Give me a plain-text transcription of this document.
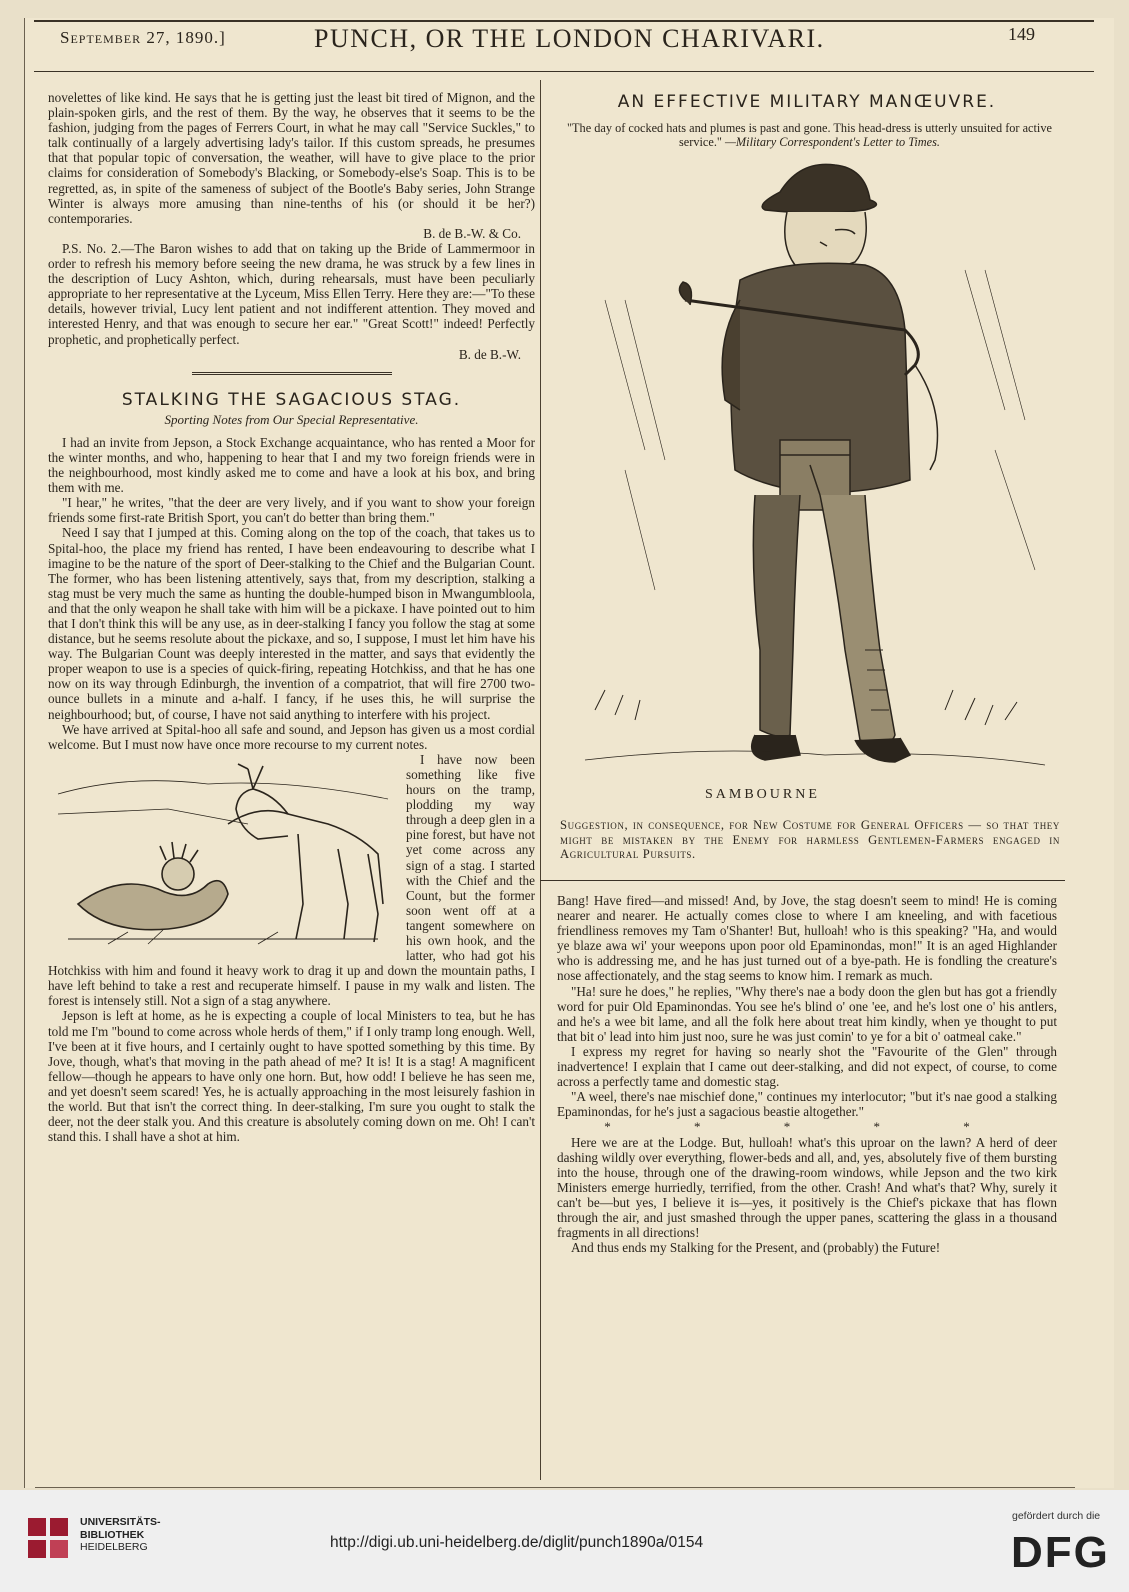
September 27, 1890.]	PUNCH, OR THE LONDON CHARIVARI.	149

novelettes of like kind. He says that he is getting just the least bit tired of Mignon, and the plain-spoken girls, and the rest of them. By the way, he observes that it seems to be the fashion, judging from the pages of Ferrers Court, in what he may call "Service Suckles," to talk continually of a largely advertising lady's tailor. If this custom spreads, he presumes that that popular topic of conversation, the weather, will have to give place to the prior claims for consideration of Somebody's Blacking, or Somebody-else's Soap. This is to be regretted, as, in spite of the sameness of subject of the Bootle's Baby series, John Strange Winter is always more amusing than nine-tenths of his (or should it be her?) contemporaries.

B. de B.-W. & Co.

P.S. No. 2.—The Baron wishes to add that on taking up the Bride of Lammermoor in order to refresh his memory before seeing the new drama, he was struck by a few lines in the description of Lucy Ashton, which, during rehearsals, must have been peculiarly appropriate to her representative at the Lyceum, Miss Ellen Terry. Here they are:—"To these details, however trivial, Lucy lent patient and not indifferent attention. They moved and interested Henry, and that was enough to secure her ear." "Great Scott!" indeed! Perfectly prophetic, and prophetically perfect.

B. de B.-W.

STALKING THE SAGACIOUS STAG.
Sporting Notes from Our Special Representative.

I had an invite from Jepson, a Stock Exchange acquaintance, who has rented a Moor for the winter months, and who, happening to hear that I and my two foreign friends were in the neighbourhood, most kindly asked me to come and have a look at his box, and bring them with me.

"I hear," he writes, "that the deer are very lively, and if you want to show your foreign friends some first-rate British Sport, you can't do better than bring them."

Need I say that I jumped at this. Coming along on the top of the coach, that takes us to Spital-hoo, the place my friend has rented, I have been endeavouring to describe what I imagine to be the nature of the sport of Deer-stalking to the Chief and the Bulgarian Count. The former, who has been listening attentively, says that, from my description, stalking a stag must be very much the same as hunting the double-humped bison in Mwangumbloola, and that the only weapon he shall take with him will be a pickaxe. I have pointed out to him that I don't think this will be any use, as in deer-stalking I fancy you follow the stag at some distance, but he seems resolute about the pickaxe, and so, I suppose, I must let him have his way. The Bulgarian Count was deeply interested in the matter, and says that evidently the proper weapon to use is a species of quick-firing, repeating Hotchkiss, and that he has one now on its way through Edinburgh, the invention of a compatriot, that will fire 2700 two-ounce bullets in a minute and a-half. I fancy, if he uses this, he will surprise the neighbourhood; but, of course, I have not said anything to interfere with his project.

We have arrived at Spital-hoo all safe and sound, and Jepson has given us a most cordial welcome. But I must now have once more recourse to my current notes.

I have now been something like five hours on the tramp, plodding my way through a deep glen in a pine forest, but have not yet come across any sign of a stag. I started with the Chief and the Count, but the former soon went off at a tangent somewhere on his own hook, and the latter, who had got his Hotchkiss with him and found it heavy work to drag it up and down the mountain paths, I have left behind to take a rest and recuperate himself. I pause in my walk and listen. The forest is intensely still. Not a sign of a stag anywhere.

Jepson is left at home, as he is expecting a couple of local Ministers to tea, but he has told me I'm "bound to come across whole herds of them," if I only tramp long enough. Well, I've been at it five hours, and I certainly ought to have spotted something by this time. By Jove, though, what's that moving in the path ahead of me? It is! It is a stag! A magnificent fellow—though he appears to have only one horn. But, how odd! I believe he has seen me, and yet doesn't seem scared! Yes, he is actually approaching in the most leisurely fashion in the world. But that isn't the correct thing. In deer-stalking, I'm sure you ought to stalk the deer, not the deer stalk you. And this creature is absolutely coming down on me. Oh! I can't stand this. I shall have a shot at him.

AN EFFECTIVE MILITARY MANŒUVRE.
"The day of cocked hats and plumes is past and gone. This head-dress is utterly unsuited for active service." —Military Correspondent's Letter to Times.
SAMBOURNE

Suggestion, in consequence, for New Costume for General Officers — so that they might be mistaken by the Enemy for harmless Gentlemen-Farmers engaged in Agricultural Pursuits.

Bang! Have fired—and missed! And, by Jove, the stag doesn't seem to mind! He is coming nearer and nearer. He actually comes close to where I am kneeling, and with facetious friendliness removes my Tam o'Shanter! But, hulloah! who is this speaking? "Ha, and would ye blaze awa wi' your weepons upon poor old Epaminondas, mon!" It is an aged Highlander who is addressing me, and he has just turned out of a bye-path. He is fondling the creature's nose affectionately, and the stag seems to know him. I remark as much.

"Ha! sure he does," he replies, "Why there's nae a body doon the glen but has got a friendly word for puir Old Epaminondas. You see he's blind o' one 'ee, and he's lost one o' his antlers, and he's a wee bit lame, and all the folk here about treat him kindly, when ye thought to put that bit o' lead into him just noo, sure he was just comin' to ye for a bit o' oatmeal cake."

I express my regret for having so nearly shot the "Favourite of the Glen" through inadvertence! I explain that I came out deer-stalking, and did not expect, of course, to come across a perfectly tame and domestic stag.

"A weel, there's nae mischief done," continues my interlocutor; "but it's nae good a stalking Epaminondas, for he's just a sagacious beastie altogether."

* * * * *

Here we are at the Lodge. But, hulloah! what's this uproar on the lawn? A herd of deer dashing wildly over everything, flower-beds and all, and, yes, absolutely five of them bursting into the house, through one of the drawing-room windows, while Jepson and the two kirk Ministers emerge hurriedly, terrified, from the other. Crash! And what's that? Why, surely it can't be—but yes, I believe it is—yes, it positively is the Chief's pickaxe that has flown through the air, and just smashed through the upper panes, scattering the glass in a thousand fragments in all directions!

And thus ends my Stalking for the Present, and (probably) the Future!

UNIVERSITÄTS-
BIBLIOTHEK
HEIDELBERG	http://digi.ub.uni-heidelberg.de/diglit/punch1890a/0154
gefördert durch die
DFG
